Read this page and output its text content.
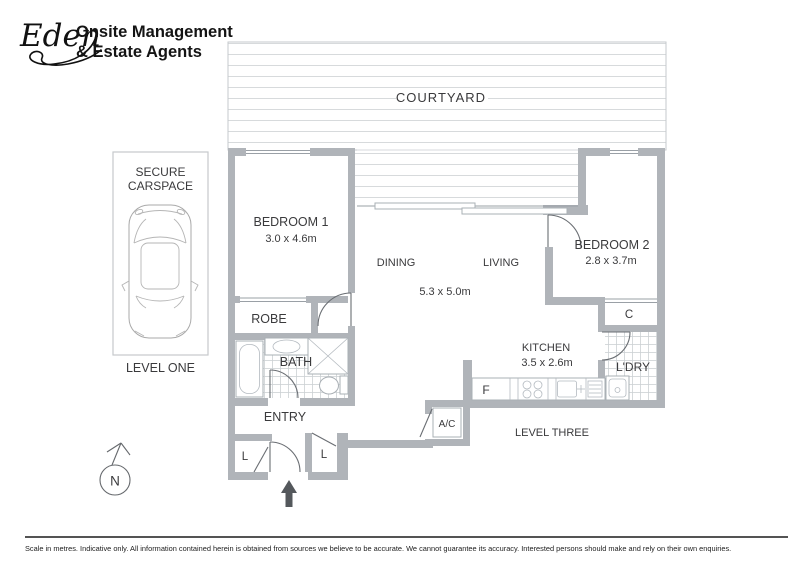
Eden
Onsite Management
& Estate Agents
COURTYARD
BEDROOM 1
3.0 x 4.6m	BEDROOM 2
2.8 x 3.7m
DINING	LIVING
5.3 x 5.0m
KITCHEN
3.5 x 2.6m
ROBE
BATH
ENTRY
L'DRY
C
F
L	L
A/C
LEVEL THREE
SECURE
CARSPACE
LEVEL ONE
N
Scale in metres. Indicative only. All information contained herein is obtained from sources we believe to be accurate. We cannot guarantee its accuracy. Interested persons should make and rely on their own enquiries.
